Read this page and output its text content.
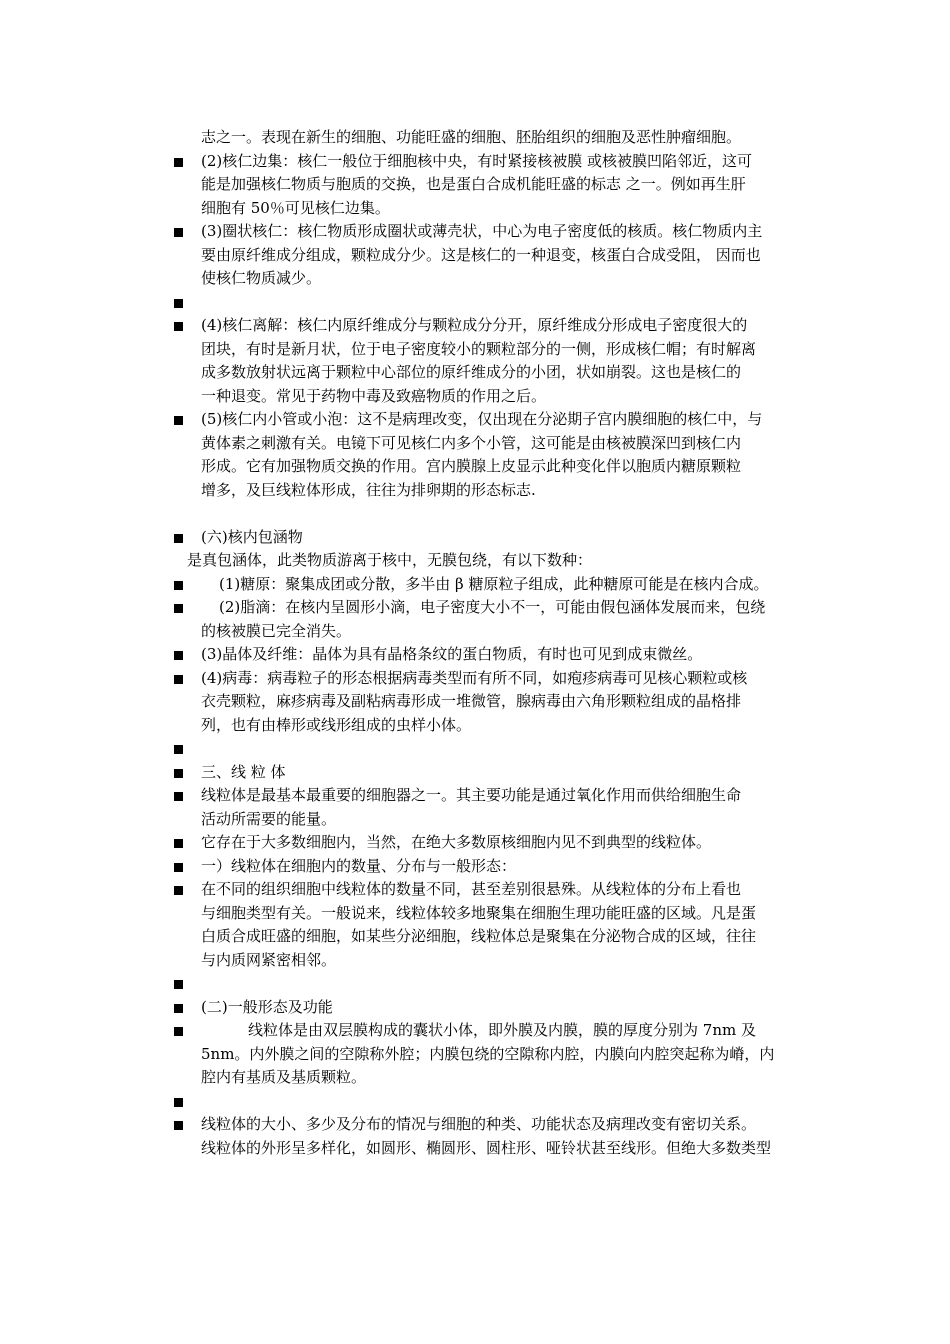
志之一。表现在新生的细胞、功能旺盛的细胞、胚胎组织的细胞及恶性肿瘤细胞。
(2)核仁边集：核仁一般位于细胞核中央，有时紧接核被膜 或核被膜凹陷邻近，这可
能是加强核仁物质与胞质的交换，也是蛋白合成机能旺盛的标志 之一。例如再生肝
细胞有 50％可见核仁边集。
(3)圈状核仁：核仁物质形成圈状或薄壳状，中心为电子密度低的核质。核仁物质内主
要由原纤维成分组成，颗粒成分少。这是核仁的一种退变，核蛋白合成受阻， 因而也
使核仁物质减少。
(4)核仁离解：核仁内原纤维成分与颗粒成分分开，原纤维成分形成电子密度很大的
团块，有时是新月状，位于电子密度较小的颗粒部分的一侧，形成核仁帽；有时解离
成多数放射状远离于颗粒中心部位的原纤维成分的小团，状如崩裂。这也是核仁的
一种退变。常见于药物中毒及致癌物质的作用之后。
(5)核仁内小管或小泡：这不是病理改变，仅出现在分泌期子宫内膜细胞的核仁中，与
黄体素之刺激有关。电镜下可见核仁内多个小管，这可能是由核被膜深凹到核仁内
形成。它有加强物质交换的作用。宫内膜腺上皮显示此种变化伴以胞质内糖原颗粒
增多，及巨线粒体形成，往往为排卵期的形态标志.
(六)核内包涵物
是真包涵体，此类物质游离于核中，无膜包绕，有以下数种：
(1)糖原：聚集成团或分散，多半由 β 糖原粒子组成，此种糖原可能是在核内合成。
(2)脂滴：在核内呈圆形小滴，电子密度大小不一，可能由假包涵体发展而来，包绕
的核被膜已完全消失。
(3)晶体及纤维：晶体为具有晶格条纹的蛋白物质，有时也可见到成束微丝。
(4)病毒：病毒粒子的形态根据病毒类型而有所不同，如疱疹病毒可见核心颗粒或核
衣壳颗粒，麻疹病毒及副粘病毒形成一堆微管，腺病毒由六角形颗粒组成的晶格排
列，也有由棒形或线形组成的虫样小体。
三、线 粒 体
线粒体是最基本最重要的细胞器之一。其主要功能是通过氧化作用而供给细胞生命
活动所需要的能量。
它存在于大多数细胞内，当然，在绝大多数原核细胞内见不到典型的线粒体。
一）线粒体在细胞内的数量、分布与一般形态：
在不同的组织细胞中线粒体的数量不同，甚至差别很悬殊。从线粒体的分布上看也
与细胞类型有关。一般说来，线粒体较多地聚集在细胞生理功能旺盛的区域。凡是蛋
白质合成旺盛的细胞，如某些分泌细胞，线粒体总是聚集在分泌物合成的区域，往往
与内质网紧密相邻。
(二)一般形态及功能
线粒体是由双层膜构成的囊状小体，即外膜及内膜，膜的厚度分别为 7nm 及
5nm。内外膜之间的空隙称外腔；内膜包绕的空隙称内腔，内膜向内腔突起称为嵴，内
腔内有基质及基质颗粒。
线粒体的大小、多少及分布的情况与细胞的种类、功能状态及病理改变有密切关系。
线粒体的外形呈多样化，如圆形、椭圆形、圆柱形、哑铃状甚至线形。但绝大多数类型
